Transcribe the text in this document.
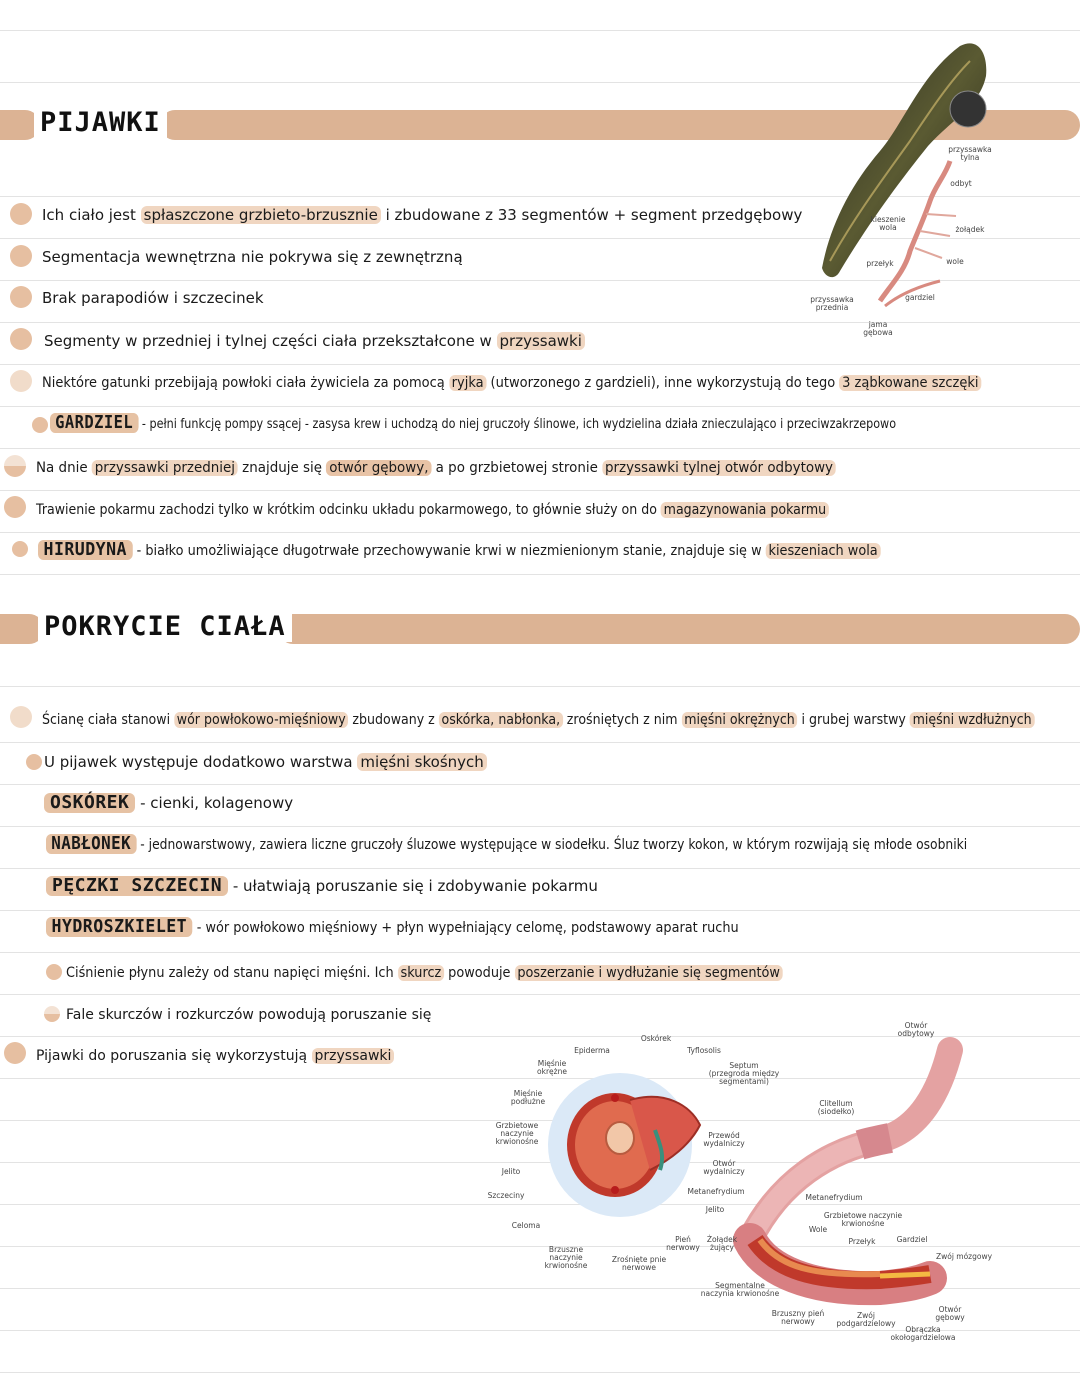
PIJAWKI
przyssawka tylna
odbyt
kieszenie wola	żołądek
wole
przełyk
gardziel
przyssawka przednia
jama gębowa
Ich ciało jest spłaszczone grzbieto-brzusznie i zbudowane z 33 segmentów + segment przedgębowy
Segmentacja wewnętrzna nie pokrywa się z zewnętrzną
Brak parapodiów i szczecinek
Segmenty w przedniej i tylnej części ciała przekształcone w przyssawki
Niektóre gatunki przebijają powłoki ciała żywiciela za pomocą ryjka (utworzonego z gardzieli), inne wykorzystują do tego 3 ząbkowane szczęki
GARDZIEL - pełni funkcję pompy ssącej - zasysa krew i uchodzą do niej gruczoły ślinowe, ich wydzielina działa znieczulająco i przeciwzakrzepowo
Na dnie przyssawki przedniej znajduje się otwór gębowy, a po grzbietowej stronie przyssawki tylnej otwór odbytowy
Trawienie pokarmu zachodzi tylko w krótkim odcinku układu pokarmowego, to głównie służy on do magazynowania pokarmu
HIRUDYNA - białko umożliwiające długotrwałe przechowywanie krwi w niezmienionym stanie, znajduje się w kieszeniach wola
POKRYCIE CIAŁA
Ścianę ciała stanowi wór powłokowo-mięśniowy zbudowany z oskórka, nabłonka, zrośniętych z nim mięśni okrężnych i grubej warstwy mięśni wzdłużnych
U pijawek występuje dodatkowo warstwa mięśni skośnych
OSKÓREK - cienki, kolagenowy
NABŁONEK - jednowarstwowy, zawiera liczne gruczoły śluzowe występujące w siodełku. Śluz tworzy kokon, w którym rozwijają się młode osobniki
PĘCZKI SZCZECIN - ułatwiają poruszanie się i zdobywanie pokarmu
HYDROSZKIELET - wór powłokowo mięśniowy + płyn wypełniający celomę, podstawowy aparat ruchu
Ciśnienie płynu zależy od stanu napięci mięśni. Ich skurcz powoduje poszerzanie i wydłużanie się segmentów
Fale skurczów i rozkurczów powodują poruszanie się
Pijawki do poruszania się wykorzystują przyssawki	Epiderma
Oskórek
Tyflosolis
Mięśnie okrężne
Mięśnie podłużne
Grzbietowe naczynie krwionośne
Jelito
Szczeciny
Celoma
Brzuszne naczynie krwionośne
Zrośnięte pnie nerwowe
Pień nerwowy
Septum (przegroda między segmentami)
Przewód wydalniczy
Otwór wydalniczy
Metanefrydium
Jelito
Żołądek żujący
Otwór odbytowy
Clitellum (siodełko)
Metanefrydium
Grzbietowe naczynie krwionośne
Wole
Przełyk	Gardziel
Zwój mózgowy
Segmentalne naczynia krwionośne
Brzuszny pień nerwowy
Zwój podgardzielowy
Obrączka okołogardzielowa
Otwór gębowy
